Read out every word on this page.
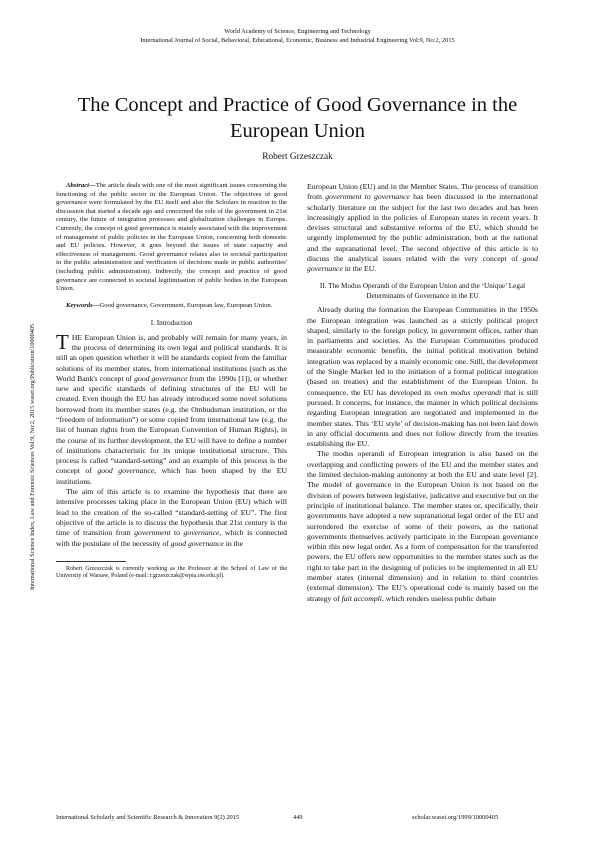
World Academy of Science, Engineering and Technology
International Journal of Social, Behavioral, Educational, Economic, Business and Industrial Engineering Vol:9, No:2, 2015
International Science Index, Law and Forensic Sciences Vol:9, No:2, 2015 waset.org/Publication/10000405
The Concept and Practice of Good Governance in the European Union
Robert Grzeszczak

Abstract—The article deals with one of the most significant issues concerning the functioning of the public sector in the European Union. The objectives of good governance were formulated by the EU itself and also the Scholars in reaction to the discussion that started a decade ago and concerned the role of the government in 21st century, the future of integration processes and globalization challenges in Europe. Currently, the concept of good governance is mainly associated with the improvement of management of public policies in the European Union, concerning both domestic and EU policies. However, it goes beyond the issues of state capacity and effectiveness of management. Good governance relates also to societal participation in the public administration and verification of decisions made in public authorities' (including public administration). Indirectly, the concept and practice of good governance are connected to societal legitimisation of public bodies in the European Union.

Keywords—Good governance, Government, European law, European Union.

I. Introduction

THE European Union is, and probably will remain for many years, in the process of determining its own legal and political standards. It is still an open question whether it will be standards copied from the familiar solutions of its member states, from international institutions (such as the World Bank's concept of good governance from the 1990s [1]), or whether new and specific standards of defining structures of the EU will be created. Even though the EU has already introduced some novel solutions borrowed from its member states (e.g. the Ombudsman institution, or the “freedom of information”) or some copied from international law (e.g. the list of human rights from the European Convention of Human Rights), in the course of its further development, the EU will have to define a number of institutions characteristic for its unique institutional structure. This process is called “standard-setting” and an example of this process is the concept of good governance, which has been shaped by the EU institutions.

The aim of this article is to examine the hypothesis that there are intensive processes taking place in the European Union (EU) which will lead to the creation of the so-called “standard-setting of EU”. The first objective of the article is to discuss the hypothesis that 21st century is the time of transition from government to governance, which is connected with the postulate of the necessity of good governance in the

Robert Grzeszczak is currently working as the Professor at the School of Law of the University of Warsaw, Poland (e-mail: r.grzeszczak@wpia.uw.edu.pl).

European Union (EU) and in the Member States. The process of transition from government to governance has been discussed in the international scholarly literature on the subject for the last two decades and has been increasingly applied in the policies of European states in recent years. It devises structural and substantive reforms of the EU, which should be urgently implemented by the public administration, both at the national and the supranational level. The second objective of this article is to discuss the analytical issues related with the very concept of good governance in the EU.

II. The Modus Operandi of the European Union and the ‘Unique’ Legal Determinants of Governance in the EU

Already during the formation the European Communities in the 1950s the European integration was launched as a strictly political project shaped, similarly to the foreign policy, in government offices, rather than in parliaments and societies. As the European Communities produced measurable economic benefits, the initial political motivation behind integration was replaced by a mainly economic one. Still, the development of the Single Market led to the initiation of a formal political integration (based on treaties) and the establishment of the European Union. In consequence, the EU has developed its own modus operandi that is still pursued. It concerns, for instance, the manner in which political decisions regarding European integration are negotiated and implemented in the member states. This ‘EU style’ of decision-making has not been laid down in any official documents and does not follow directly from the treaties establishing the EU.

The modus operandi of European integration is also based on the overlapping and conflicting powers of the EU and the member states and the limited decision-making autonomy at both the EU and state level [2]. The model of governance in the European Union is not based on the division of powers between legislative, judicative and executive but on the principle of institutional balance. The member states or, specifically, their governments have adopted a new supranational legal order of the EU and surrendered the exercise of some of their powers, as the national governments themselves actively participate in the European governance within this new legal order. As a form of compensation for the transferred powers, the EU offers new opportunities to the member states such as the right to take part in the designing of policies to be implemented in all EU member states (internal dimension) and in relation to third countries (external dimension). The EU’s operational code is mainly based on the strategy of fait accompli, which renders useless public debate

International Scholarly and Scientific Research & Innovation 9(2) 2015	449	scholar.waset.org/1999/10000405
